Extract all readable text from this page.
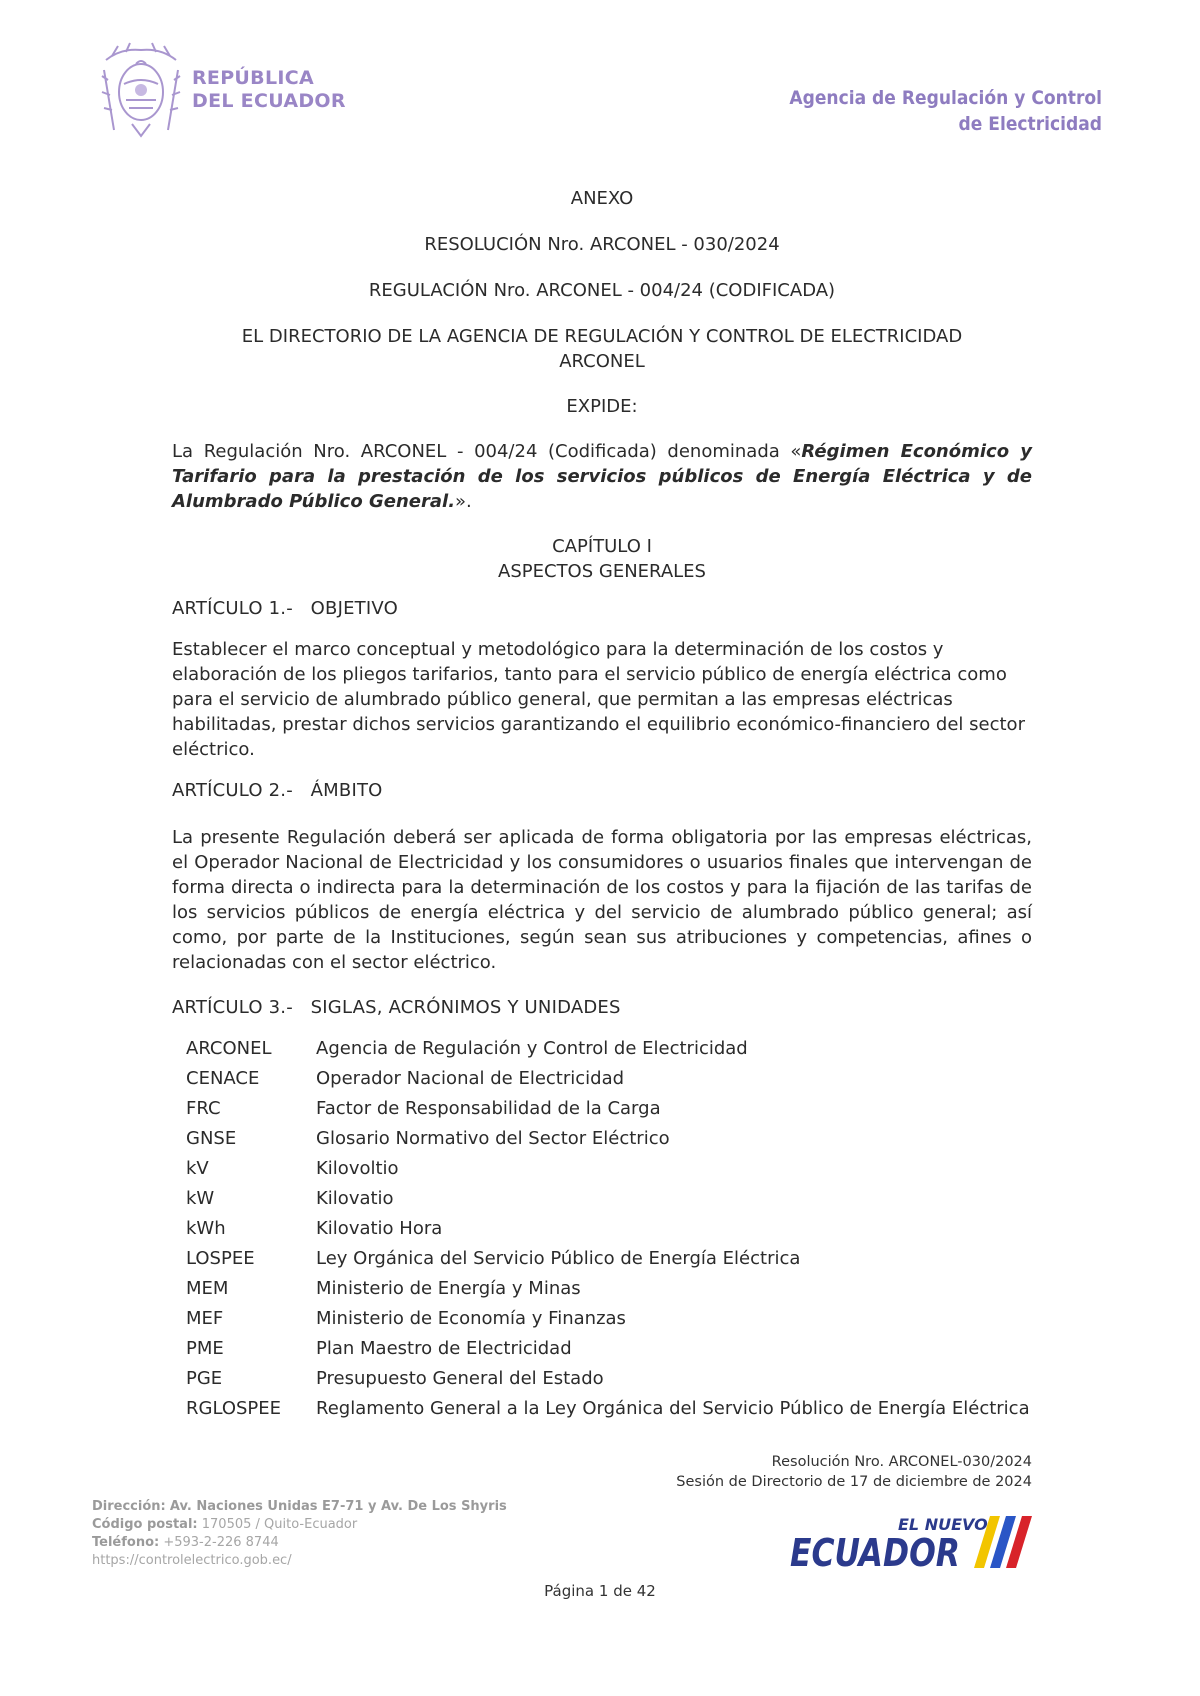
REPÚBLICA
DEL ECUADOR	Agencia de Regulación y Control
de Electricidad

ANEXO

RESOLUCIÓN Nro. ARCONEL - 030/2024

REGULACIÓN Nro. ARCONEL - 004/24 (CODIFICADA)

EL DIRECTORIO DE LA AGENCIA DE REGULACIÓN Y CONTROL DE ELECTRICIDAD

ARCONEL

EXPIDE:

La Regulación Nro. ARCONEL - 004/24 (Codificada) denominada «Régimen Económico y Tarifario para la prestación de los servicios públicos de Energía Eléctrica y de Alumbrado Público General.».

CAPÍTULO I

ASPECTOS GENERALES

ARTÍCULO 1.- OBJETIVO

Establecer el marco conceptual y metodológico para la determinación de los costos y elaboración de los pliegos tarifarios, tanto para el servicio público de energía eléctrica como para el servicio de alumbrado público general, que permitan a las empresas eléctricas habilitadas, prestar dichos servicios garantizando el equilibrio económico-financiero del sector eléctrico.

ARTÍCULO 2.- ÁMBITO

La presente Regulación deberá ser aplicada de forma obligatoria por las empresas eléctricas, el Operador Nacional de Electricidad y los consumidores o usuarios finales que intervengan de forma directa o indirecta para la determinación de los costos y para la fijación de las tarifas de los servicios públicos de energía eléctrica y del servicio de alumbrado público general; así como, por parte de la Instituciones, según sean sus atribuciones y competencias, afines o relacionadas con el sector eléctrico.

ARTÍCULO 3.- SIGLAS, ACRÓNIMOS Y UNIDADES

ARCONEL	Agencia de Regulación y Control de Electricidad
CENACE	Operador Nacional de Electricidad
FRC	Factor de Responsabilidad de la Carga
GNSE	Glosario Normativo del Sector Eléctrico
kV	Kilovoltio
kW	Kilovatio
kWh	Kilovatio Hora
LOSPEE	Ley Orgánica del Servicio Público de Energía Eléctrica
MEM	Ministerio de Energía y Minas
MEF	Ministerio de Economía y Finanzas
PME	Plan Maestro de Electricidad
PGE	Presupuesto General del Estado
RGLOSPEE	Reglamento General a la Ley Orgánica del Servicio Público de Energía Eléctrica
Resolución Nro. ARCONEL-030/2024
Sesión de Directorio de 17 de diciembre de 2024
Dirección: Av. Naciones Unidas E7-71 y Av. De Los Shyris
Código postal: 170505 / Quito-Ecuador
Teléfono: +593-2-226 8744
https://controlelectrico.gob.ec/
EL NUEVO
ECUADOR
Página 1 de 42
